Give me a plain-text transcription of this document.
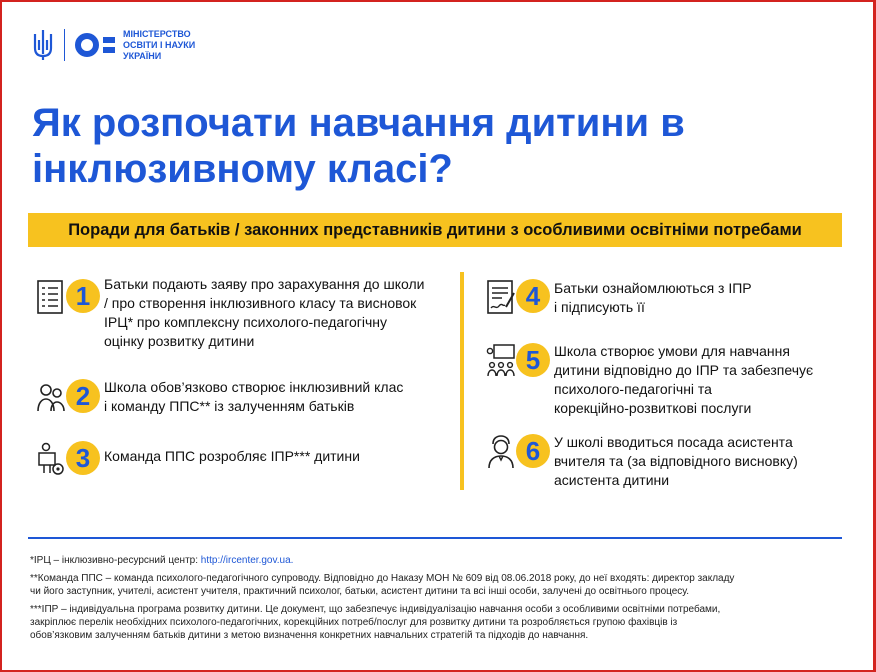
МІНІСТЕРСТВО
ОСВІТИ І НАУКИ
УКРАЇНИ
Як розпочати навчання дитини в
інклюзивному класі?
Поради для батьків / законних представників дитини з особливими освітніми потребами
1 Батьки подають заяву про зарахування до школи
/ про створення інклюзивного класу та висновок
ІРЦ* про комплексну психолого-педагогічну
оцінку розвитку дитини
2 Школа обов’язково створює інклюзивний клас
і команду ППС** із залученням батьків
3 Команда ППС розробляє ІПР*** дитини
4 Батьки ознайомлюються з ІПР
і підписують її
5 Школа створює умови для навчання
дитини відповідно до ІПР та забезпечує
психолого-педагогічні та
корекційно-розвиткові послуги
6 У школі вводиться посада асистента
вчителя та (за відповідного висновку)
асистента дитини

*ІРЦ – інклюзивно-ресурсний центр: http://ircenter.gov.ua.

**Команда ППС – команда психолого-педагогічного супроводу. Відповідно до Наказу МОН № 609 від 08.06.2018 року, до неї входять: директор закладу
чи його заступник, учителі, асистент учителя, практичний психолог, батьки, асистент дитини та всі інші особи, залучені до освітнього процесу.

***ІПР – індивідуальна програма розвитку дитини. Це документ, що забезпечує індивідуалізацію навчання особи з особливими освітніми потребами,
закріплює перелік необхідних психолого-педагогічних, корекційних потреб/послуг для розвитку дитини та розробляється групою фахівців із
обов’язковим залученням батьків дитини з метою визначення конкретних навчальних стратегій та підходів до навчання.
